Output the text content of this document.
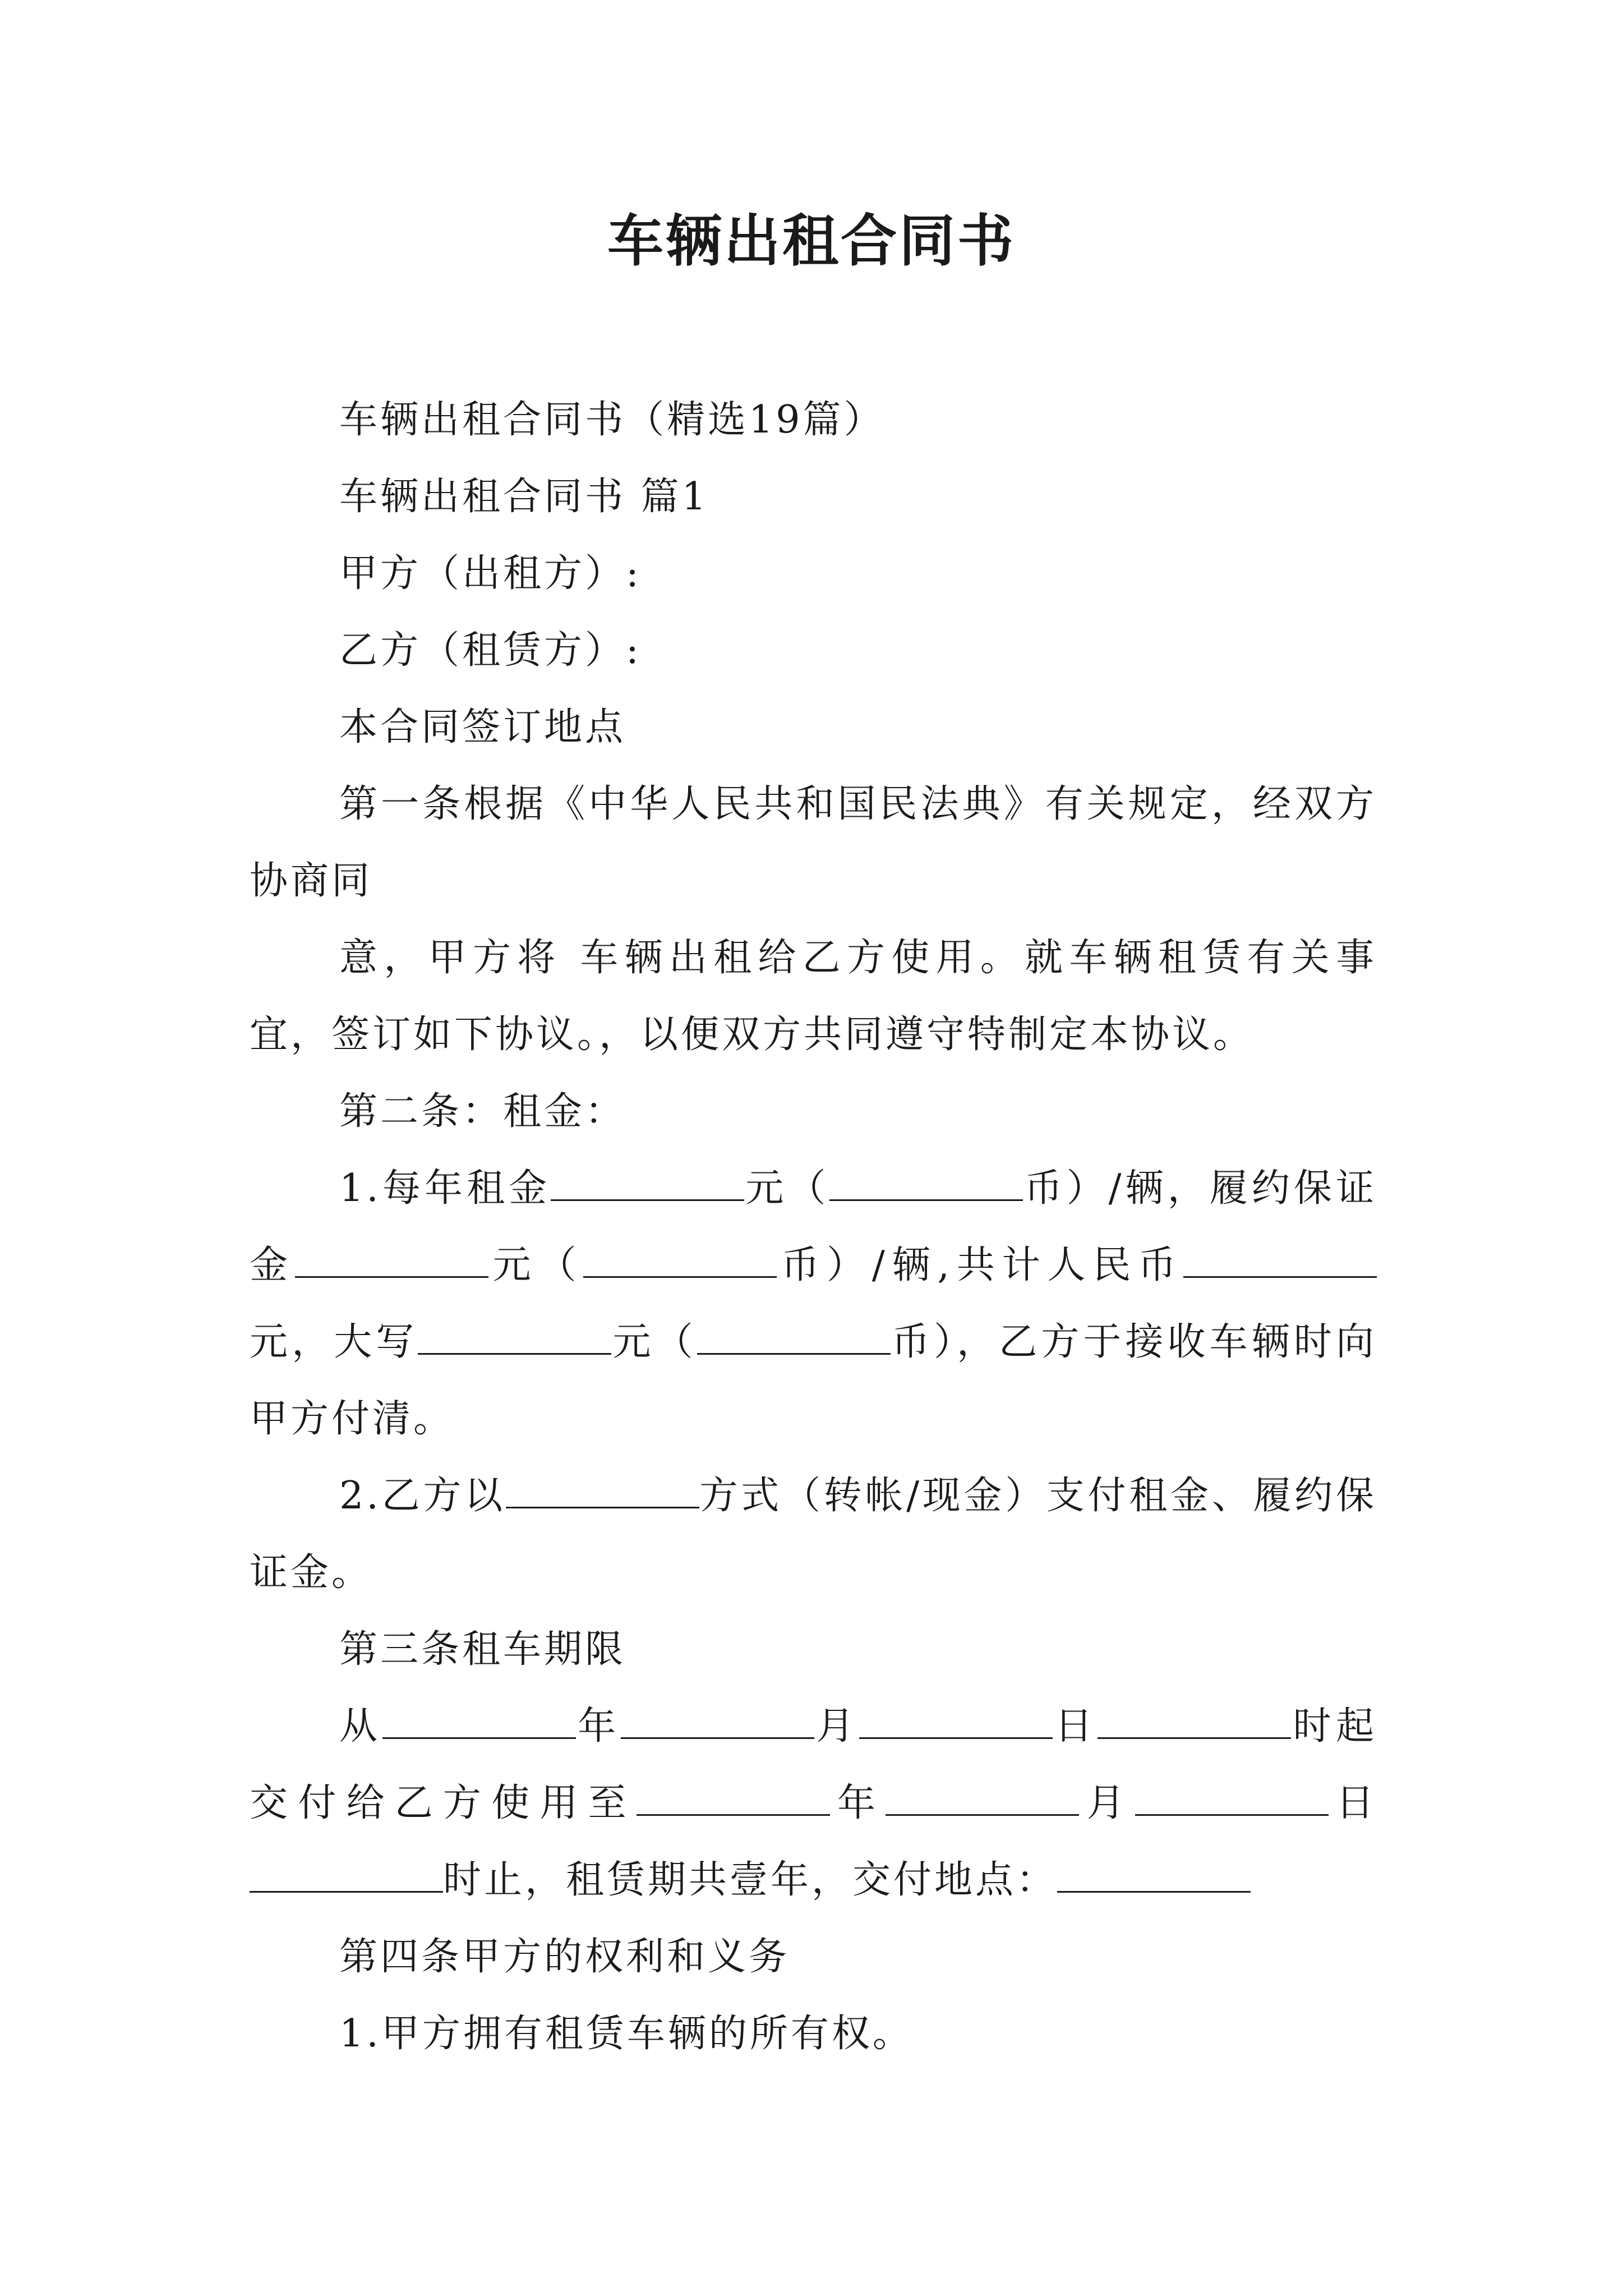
车辆出租合同书

车辆出租合同书（精选19篇）

车辆出租合同书 篇1

甲方（出租方）:

乙方（租赁方）:

本合同签订地点

第一条根据《中华人民共和国民法典》有关规定，经双方协商同

意，甲方将 车辆出租给乙方使用。就车辆租赁有关事宜，签订如下协议。，以便双方共同遵守特制定本协议。

第二条：租金：

1.每年租金	元（	币）/辆，履约保证金	元（	币）/辆,共计人民币元，大写	元（	币），乙方于接收车辆时向甲方付清。

2.乙方以	方式（转帐/现金）支付租金、履约保证金。

第三条租车期限

从	年	月	日	时起交付给乙方使用至	年	月	日时止，租赁期共壹年，交付地点：

第四条甲方的权利和义务

1.甲方拥有租赁车辆的所有权。
